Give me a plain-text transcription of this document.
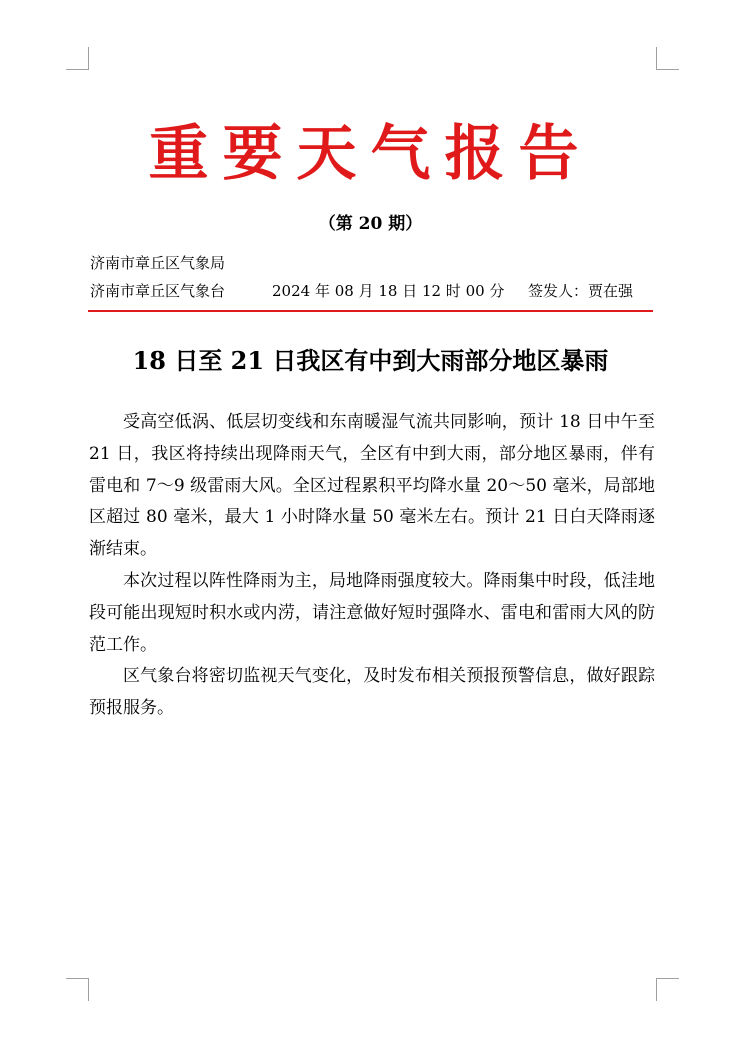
重要天气报告
（第 20 期）
济南市章丘区气象局
济南市章丘区气象台	2024 年 08 月 18 日 12 时 00 分 签发人：贾在强
18 日至 21 日我区有中到大雨部分地区暴雨

受高空低涡、低层切变线和东南暖湿气流共同影响，预计 18 日中午至 21 日，我区将持续出现降雨天气，全区有中到大雨，部分地区暴雨，伴有雷电和 7～9 级雷雨大风。全区过程累积平均降水量 20～50 毫米，局部地区超过 80 毫米，最大 1 小时降水量 50 毫米左右。预计 21 日白天降雨逐渐结束。

本次过程以阵性降雨为主，局地降雨强度较大。降雨集中时段，低洼地段可能出现短时积水或内涝，请注意做好短时强降水、雷电和雷雨大风的防范工作。

区气象台将密切监视天气变化，及时发布相关预报预警信息，做好跟踪预报服务。
